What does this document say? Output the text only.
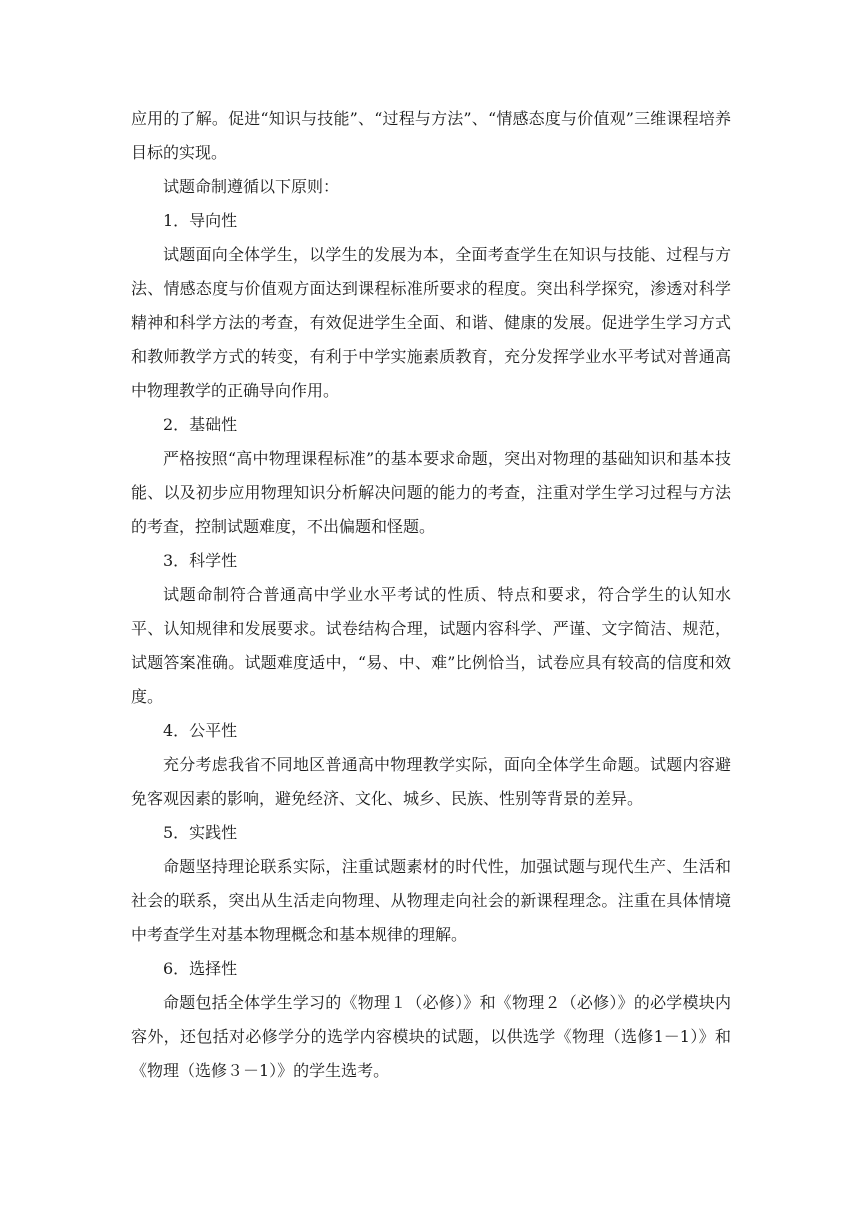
应用的了解。促进“知识与技能”、“过程与方法”、“情感态度与价值观”三维课程培养目标的实现。

试题命制遵循以下原则：

1．导向性

试题面向全体学生，以学生的发展为本，全面考查学生在知识与技能、过程与方法、情感态度与价值观方面达到课程标准所要求的程度。突出科学探究，渗透对科学精神和科学方法的考查，有效促进学生全面、和谐、健康的发展。促进学生学习方式和教师教学方式的转变，有利于中学实施素质教育，充分发挥学业水平考试对普通高中物理教学的正确导向作用。

2．基础性

严格按照“高中物理课程标准”的基本要求命题，突出对物理的基础知识和基本技能、以及初步应用物理知识分析解决问题的能力的考查，注重对学生学习过程与方法的考查，控制试题难度，不出偏题和怪题。

3．科学性

试题命制符合普通高中学业水平考试的性质、特点和要求，符合学生的认知水平、认知规律和发展要求。试卷结构合理，试题内容科学、严谨、文字简洁、规范，试题答案准确。试题难度适中，“易、中、难”比例恰当，试卷应具有较高的信度和效度。

4．公平性

充分考虑我省不同地区普通高中物理教学实际，面向全体学生命题。试题内容避免客观因素的影响，避免经济、文化、城乡、民族、性别等背景的差异。

5．实践性

命题坚持理论联系实际，注重试题素材的时代性，加强试题与现代生产、生活和社会的联系，突出从生活走向物理、从物理走向社会的新课程理念。注重在具体情境中考查学生对基本物理概念和基本规律的理解。

6．选择性

命题包括全体学生学习的《物理１（必修）》和《物理２（必修）》的必学模块内容外，还包括对必修学分的选学内容模块的试题，以供选学《物理（选修1－1）》和《物理（选修３－1）》的学生选考。
